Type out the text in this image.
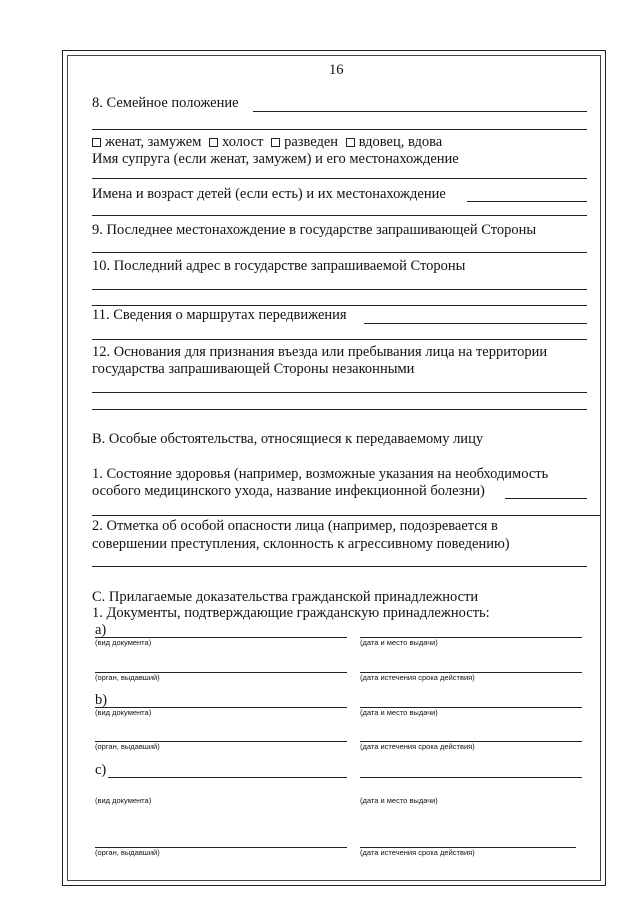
16
8. Семейное положение
женат, замужем холост разведен вдовец, вдова
Имя супруга (если женат, замужем) и его местонахождение
Имена и возраст детей (если есть) и их местонахождение
9. Последнее местонахождение в государстве запрашивающей Стороны
10. Последний адрес в государстве запрашиваемой Стороны
11. Сведения о маршрутах передвижения
12. Основания для признания въезда или пребывания лица на территории
государства запрашивающей Стороны незаконными
В. Особые обстоятельства, относящиеся к передаваемому лицу
1. Состояние здоровья (например, возможные указания на необходимость
особого медицинского ухода, название инфекционной болезни)
2. Отметка об особой опасности лица (например, подозревается в
совершении преступления, склонность к агрессивному поведению)
С. Прилагаемые доказательства гражданской принадлежности
1. Документы, подтверждающие гражданскую принадлежность:
a)
(вид документа)	(дата и место выдачи)
(орган, выдавший)	(дата истечения срока действия)
b)
(вид документа)	(дата и место выдачи)
(орган, выдавший)	(дата истечения срока действия)
c)
(вид документа)	(дата и место выдачи)
(орган, выдавший)	(дата истечения срока действия)
